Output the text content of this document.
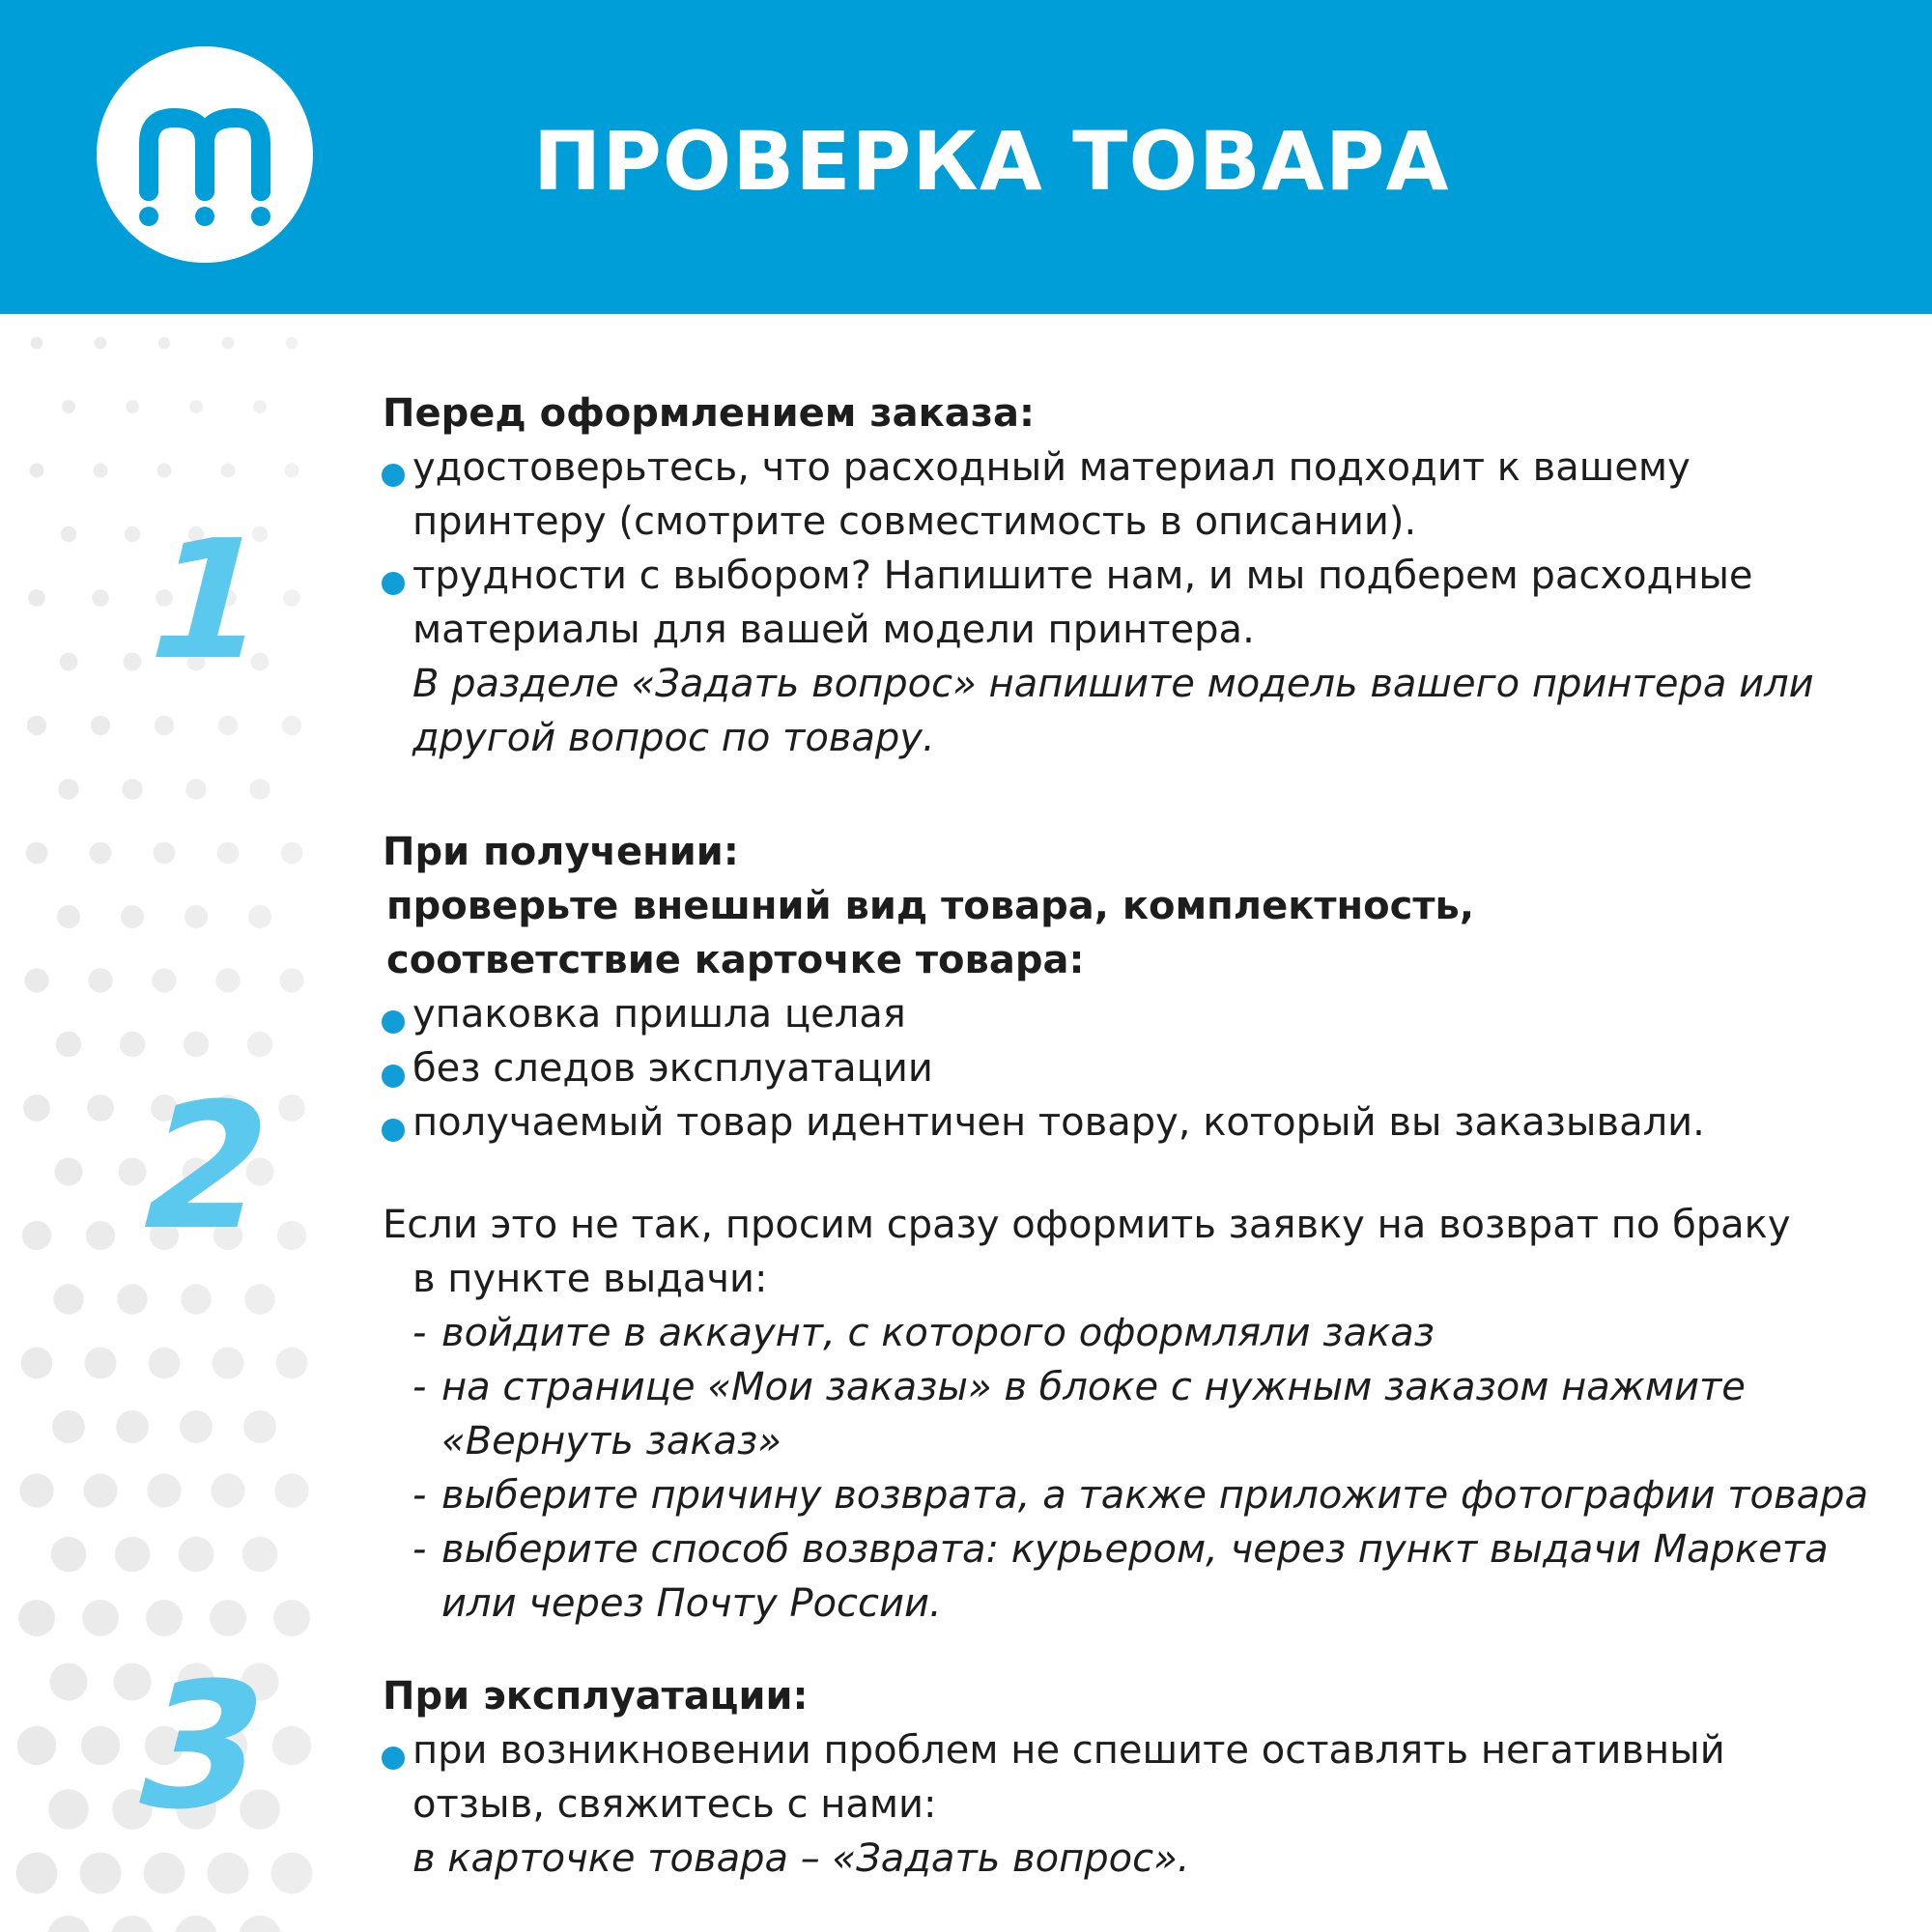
ПРОВЕРКА ТОВАРА
1
2
3
Перед оформлением заказа:
удостоверьтесь, что расходный материал подходит к вашему
принтеру (смотрите совместимость в описании).
трудности с выбором? Напишите нам, и мы подберем расходные
материалы для вашей модели принтера.
В разделе «Задать вопрос» напишите модель вашего принтера или
другой вопрос по товару.
При получении:
проверьте внешний вид товара, комплектность,
соответствие карточке товара:
упаковка пришла целая
без следов эксплуатации
получаемый товар идентичен товару, который вы заказывали.
Если это не так, просим сразу оформить заявку на возврат по браку
в пункте выдачи:
- войдите в аккаунт, с которого оформляли заказ
- на странице «Мои заказы» в блоке с нужным заказом нажмите
«Вернуть заказ»
- выберите причину возврата, а также приложите фотографии товара
- выберите способ возврата: курьером, через пункт выдачи Маркета
или через Почту России.
При эксплуатации:
при возникновении проблем не спешите оставлять негативный
отзыв, свяжитесь с нами:
в карточке товара – «Задать вопрос».
